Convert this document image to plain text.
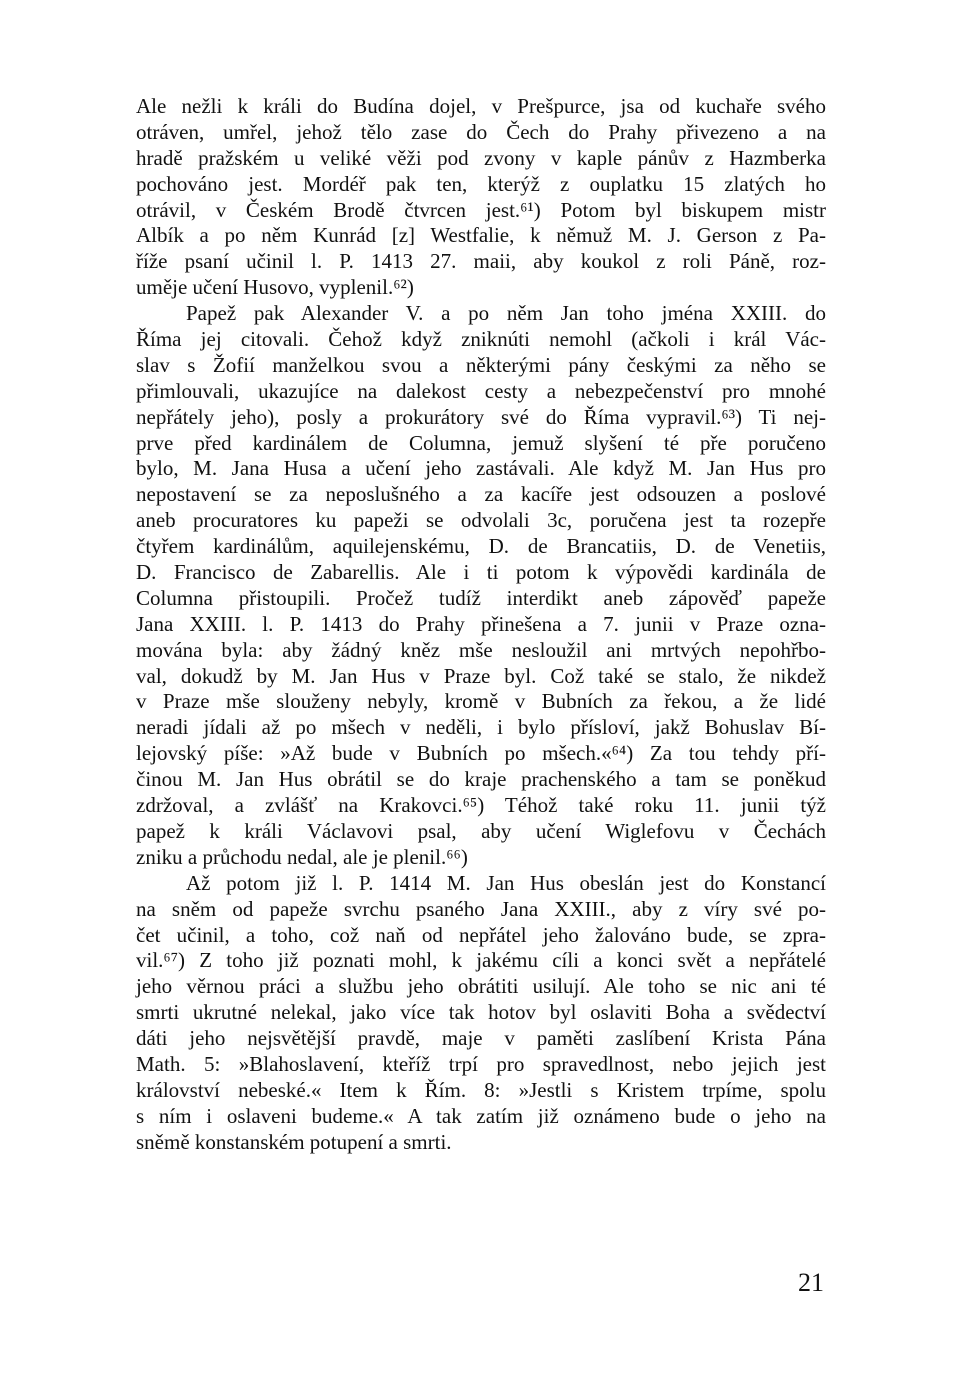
Ale nežli k králi do Budína dojel, v Prešpurce, jsa od kuchaře svého
otráven, umřel, jehož tělo zase do Čech do Prahy přivezeno a na
hradě pražském u veliké věži pod zvony v kaple pánův z Hazmberka
pochováno jest. Mordéř pak ten, kterýž z ouplatku 15 zlatých ho
otrávil, v Českém Brodě čtvrcen jest.⁶¹) Potom byl biskupem mistr
Albík a po něm Kunrád [z] Westfalie, k němuž M. J. Gerson z Pa-
říže psaní učinil l. P. 1413 27. maii, aby koukol z roli Páně, roz-
uměje učení Husovo, vyplenil.⁶²)
Papež pak Alexander V. a po něm Jan toho jména XXIII. do
Říma jej citovali. Čehož když zniknúti nemohl (ačkoli i král Vác-
slav s Žofií manželkou svou a některými pány českými za něho se
přimlouvali, ukazujíce na dalekost cesty a nebezpečenství pro mnohé
nepřátely jeho), posly a prokurátory své do Říma vypravil.⁶³) Ti nej-
prve před kardinálem de Columna, jemuž slyšení té pře poručeno
bylo, M. Jana Husa a učení jeho zastávali. Ale když M. Jan Hus pro
nepostavení se za neposlušného a za kacíře jest odsouzen a poslové
aneb procuratores ku papeži se odvolali 3c, poručena jest ta rozepře
čtyřem kardinálům, aquilejenskému, D. de Brancatiis, D. de Venetiis,
D. Francisco de Zabarellis. Ale i ti potom k výpovědi kardinála de
Columna přistoupili. Pročež tudíž interdikt aneb zápověď papeže
Jana XXIII. l. P. 1413 do Prahy přinešena a 7. junii v Praze ozna-
mována byla: aby žádný kněz mše nesloužil ani mrtvých nepohřbo-
val, dokudž by M. Jan Hus v Praze byl. Což také se stalo, že nikdež
v Praze mše slouženy nebyly, kromě v Bubních za řekou, a že lidé
neradi jídali až po mšech v neděli, i bylo přísloví, jakž Bohuslav Bí-
lejovský píše: »Až bude v Bubních po mšech.«⁶⁴) Za tou tehdy pří-
činou M. Jan Hus obrátil se do kraje prachenského a tam se poněkud
zdržoval, a zvlášť na Krakovci.⁶⁵) Téhož také roku 11. junii týž
papež k králi Václavovi psal, aby učení Wiglefovu v Čechách
zniku a průchodu nedal, ale je plenil.⁶⁶)
Až potom již l. P. 1414 M. Jan Hus obeslán jest do Konstancí
na sněm od papeže svrchu psaného Jana XXIII., aby z víry své po-
čet učinil, a toho, což naň od nepřátel jeho žalováno bude, se zpra-
vil.⁶⁷) Z toho již poznati mohl, k jakému cíli a konci svět a nepřátelé
jeho věrnou práci a službu jeho obrátiti usilují. Ale toho se nic ani té
smrti ukrutné nelekal, jako více tak hotov byl oslaviti Boha a svědectví
dáti jeho nejsvětější pravdě, maje v paměti zaslíbení Krista Pána
Math. 5: »Blahoslavení, kteříž trpí pro spravedlnost, nebo jejich jest
království nebeské.« Item k Řím. 8: »Jestli s Kristem trpíme, spolu
s ním i oslaveni budeme.« A tak zatím již oznámeno bude o jeho na
sněmě konstanském potupení a smrti.
21
